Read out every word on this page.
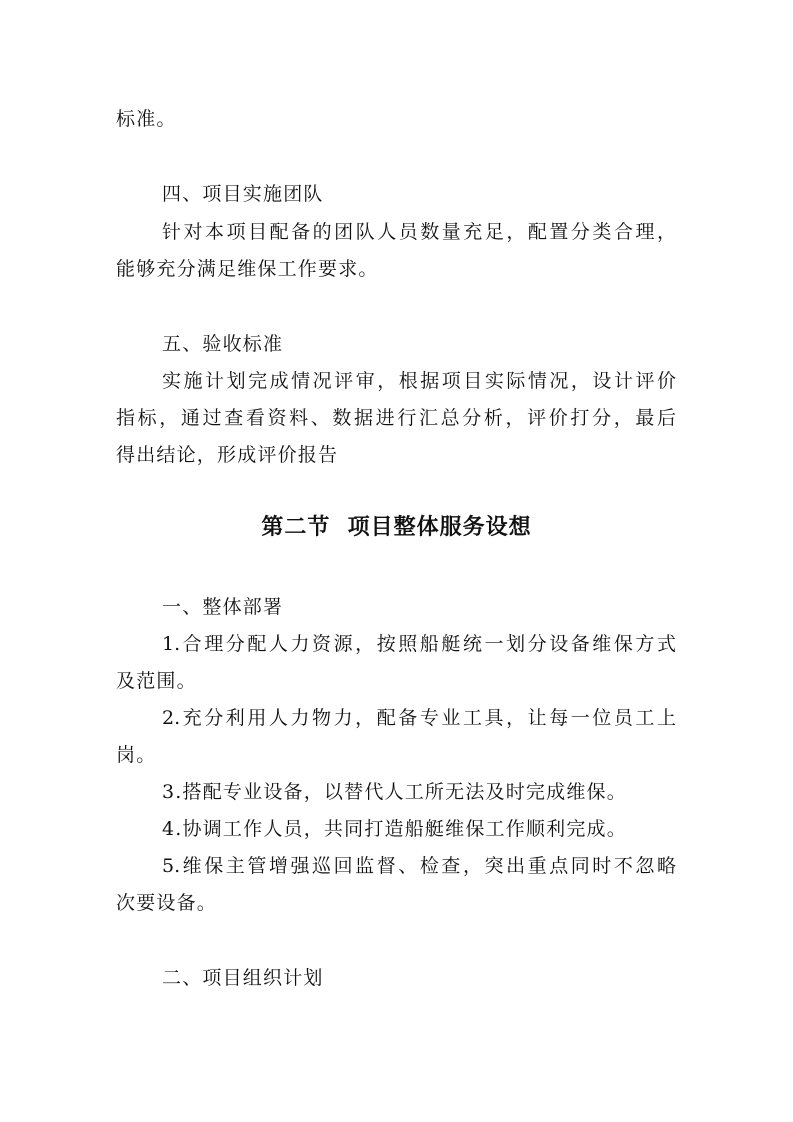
标准。
四、项目实施团队
针对本项目配备的团队人员数量充足，配置分类合理，
能够充分满足维保工作要求。
五、验收标准
实施计划完成情况评审，根据项目实际情况，设计评价
指标，通过查看资料、数据进行汇总分析，评价打分，最后
得出结论，形成评价报告
第二节  项目整体服务设想
一、整体部署
1.合理分配人力资源，按照船艇统一划分设备维保方式
及范围。
2.充分利用人力物力，配备专业工具，让每一位员工上
岗。
3.搭配专业设备，以替代人工所无法及时完成维保。
4.协调工作人员，共同打造船艇维保工作顺利完成。
5.维保主管增强巡回监督、检查，突出重点同时不忽略
次要设备。
二、项目组织计划
